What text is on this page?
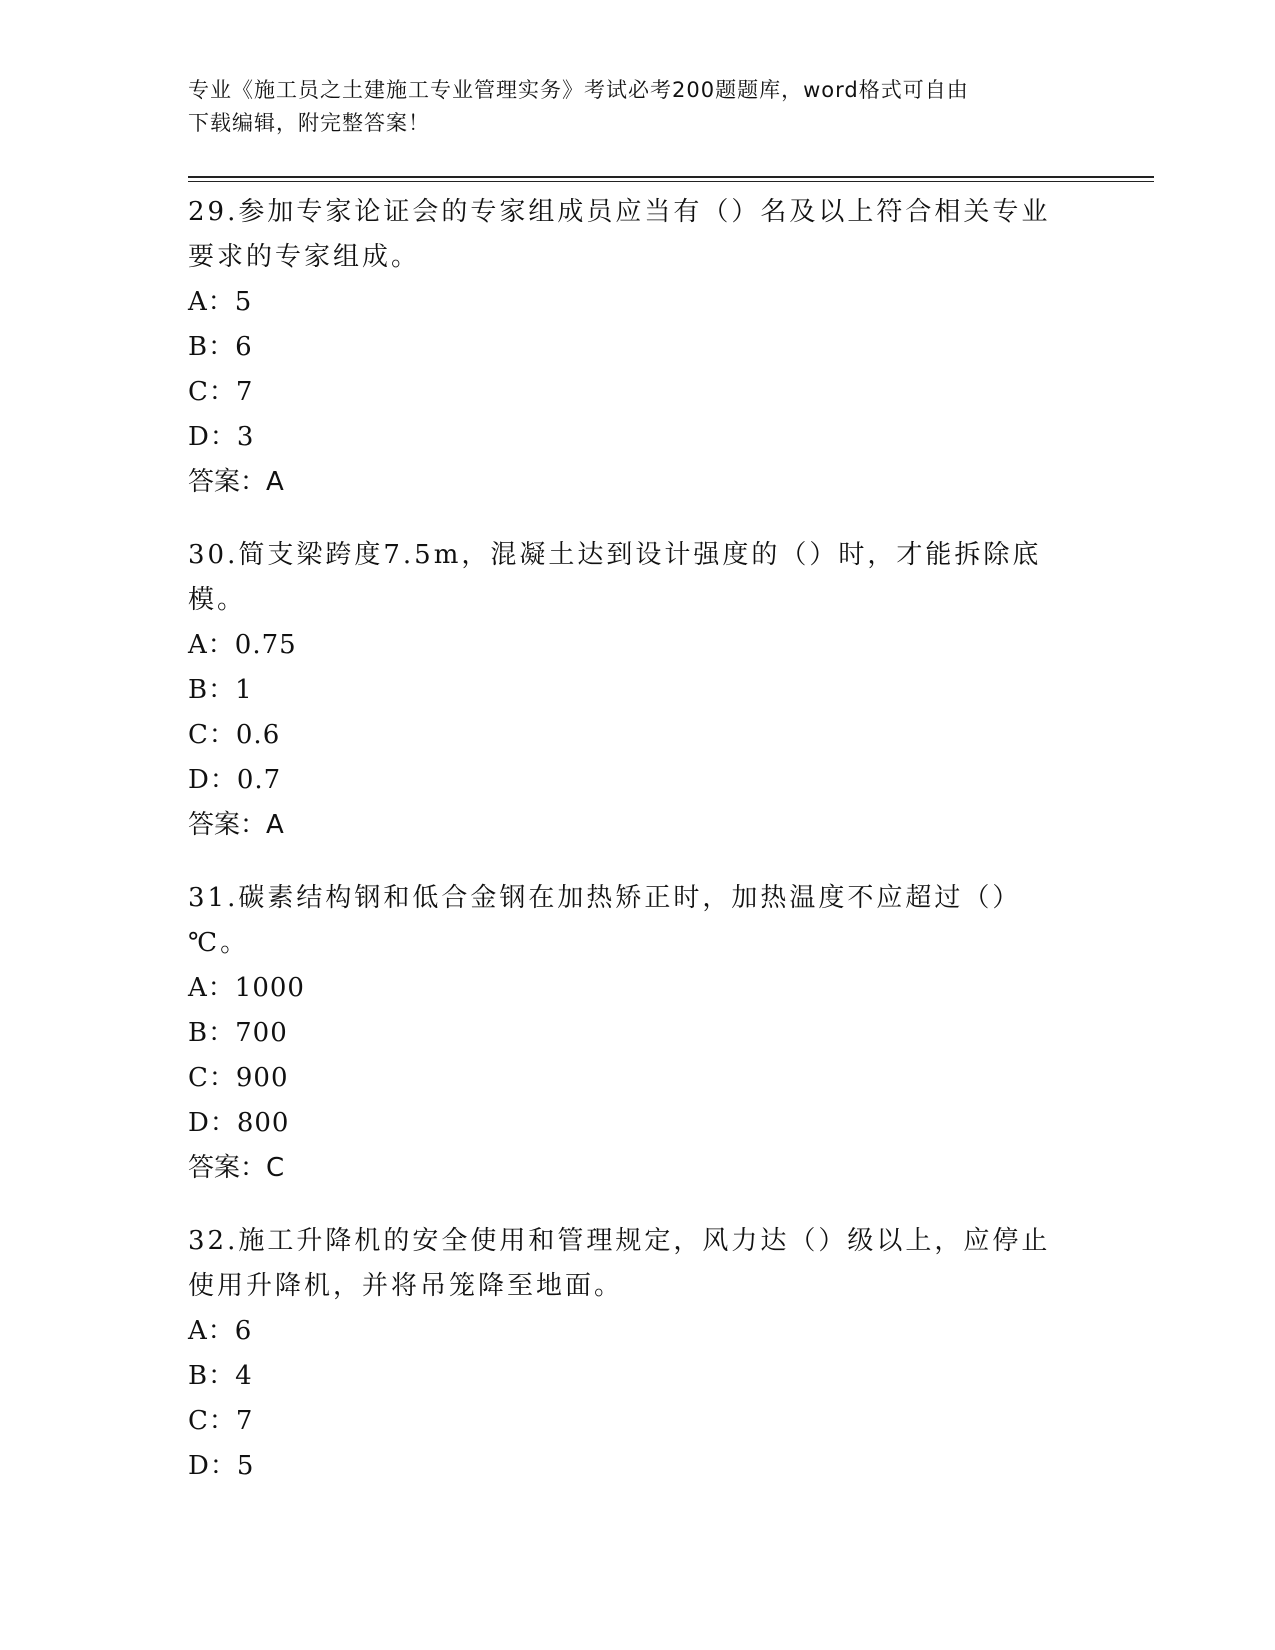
专业《施工员之土建施工专业管理实务》考试必考200题题库，word格式可自由
下载编辑，附完整答案！
29.参加专家论证会的专家组成员应当有（）名及以上符合相关专业要求的专家组成。
A：5
B：6
C：7
D：3
答案：A
30.简支梁跨度7.5m，混凝土达到设计强度的（）时，才能拆除底模。
A：0.75
B：1
C：0.6
D：0.7
答案：A
31.碳素结构钢和低合金钢在加热矫正时，加热温度不应超过（）℃。
A：1000
B：700
C：900
D：800
答案：C
32.施工升降机的安全使用和管理规定，风力达（）级以上，应停止使用升降机，并将吊笼降至地面。
A：6
B：4
C：7
D：5
